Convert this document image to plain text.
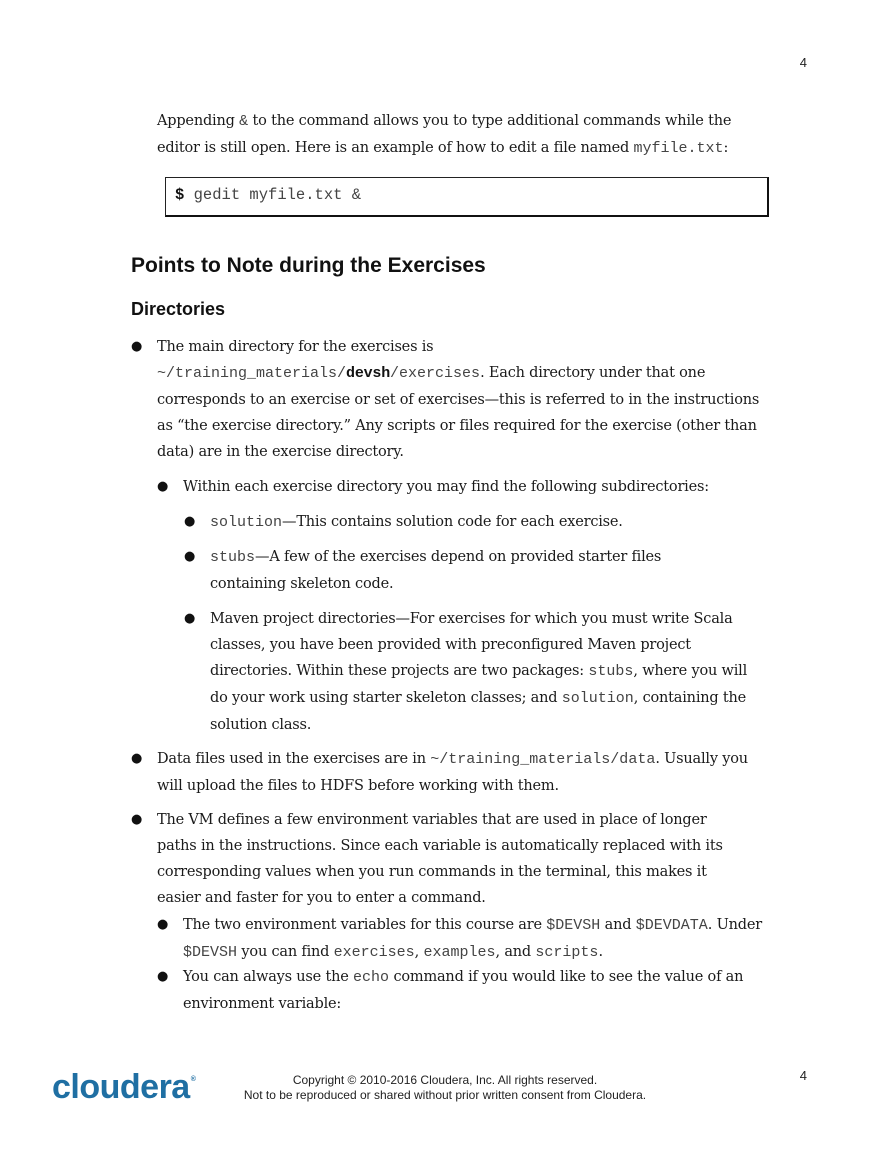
4

Appending & to the command allows you to type additional commands while the editor is still open. Here is an example of how to edit a file named myfile.txt:

$ gedit myfile.txt &
Points to Note during the Exercises
Directories
● The main directory for the exercises is
~/training_materials/devsh/exercises. Each directory under that one corresponds to an exercise or set of exercises—this is referred to in the instructions as “the exercise directory.” Any scripts or files required for the exercise (other than data) are in the exercise directory.

● Within each exercise directory you may find the following subdirectories:

● solution—This contains solution code for each exercise.

● stubs—A few of the exercises depend on provided starter files containing skeleton code.

● Maven project directories—For exercises for which you must write Scala classes, you have been provided with preconfigured Maven project directories. Within these projects are two packages: stubs, where you will do your work using starter skeleton classes; and solution, containing the solution class.

● Data files used in the exercises are in ~/training_materials/data. Usually you will upload the files to HDFS before working with them.

● The VM defines a few environment variables that are used in place of longer paths in the instructions. Since each variable is automatically replaced with its corresponding values when you run commands in the terminal, this makes it easier and faster for you to enter a command.

● The two environment variables for this course are $DEVSH and $DEVDATA. Under $DEVSH you can find exercises, examples, and scripts.

● You can always use the echo command if you would like to see the value of an environment variable:

cloudera®	Copyright © 2010-2016 Cloudera, Inc. All rights reserved.
Not to be reproduced or shared without prior written consent from Cloudera.
4
